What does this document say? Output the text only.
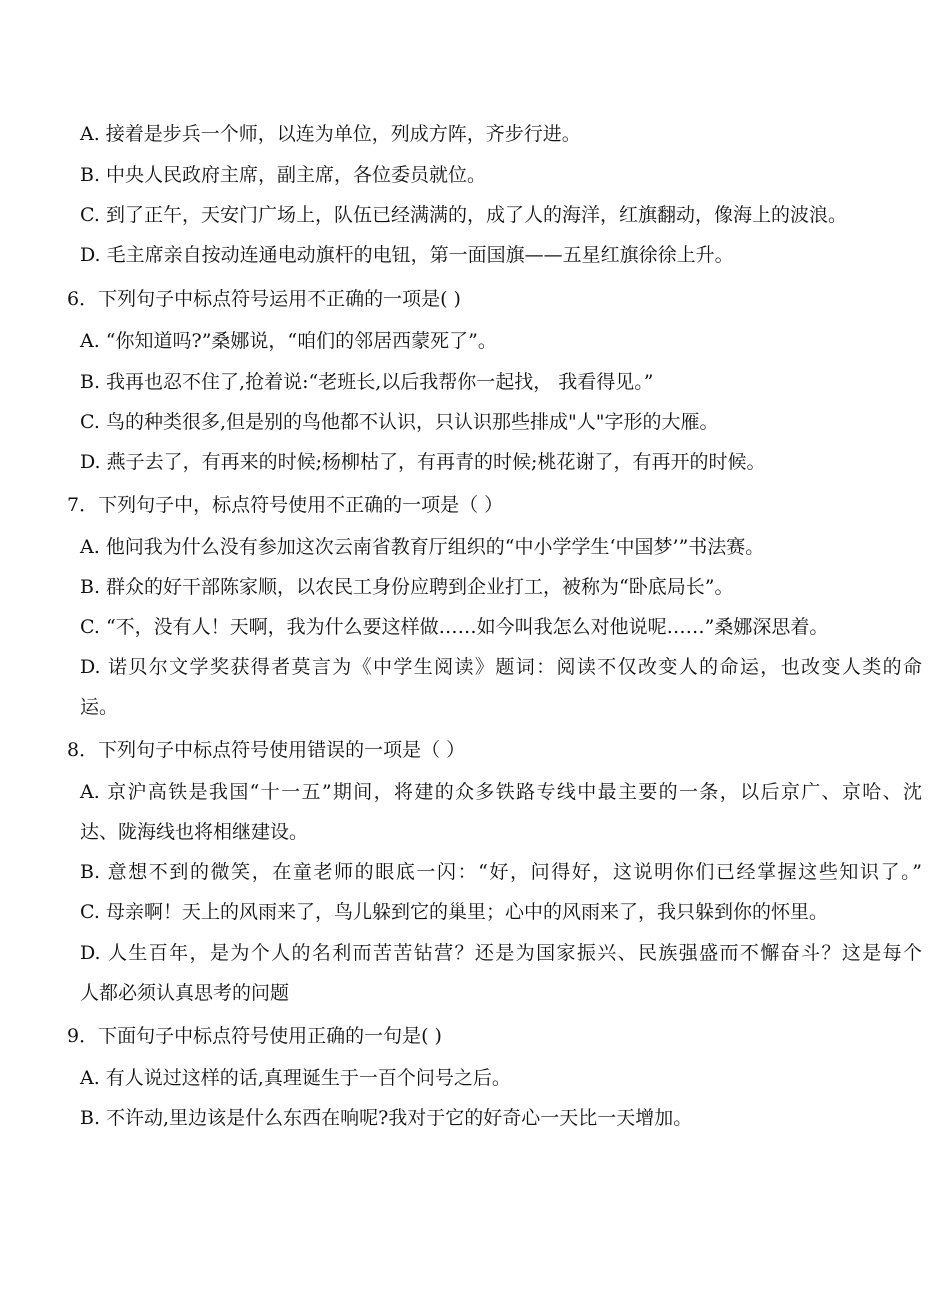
A. 接着是步兵一个师，以连为单位，列成方阵，齐步行进。
B. 中央人民政府主席，副主席，各位委员就位。
C. 到了正午，天安门广场上，队伍已经满满的，成了人的海洋，红旗翻动，像海上的波浪。
D. 毛主席亲自按动连通电动旗杆的电钮，第一面国旗——五星红旗徐徐上升。
6．下列句子中标点符号运用不正确的一项是( )
A. “你知道吗?”桑娜说，“咱们的邻居西蒙死了”。
B. 我再也忍不住了,抢着说:“老班长,以后我帮你一起找， 我看得见。”
C. 鸟的种类很多,但是别的鸟他都不认识，只认识那些排成"人"字形的大雁。
D. 燕子去了，有再来的时候;杨柳枯了，有再青的时候;桃花谢了，有再开的时候。
7．下列句子中，标点符号使用不正确的一项是（ ）
A. 他问我为什么没有参加这次云南省教育厅组织的“中小学学生‘中国梦’”书法赛。
B. 群众的好干部陈家顺，以农民工身份应聘到企业打工，被称为“卧底局长”。
C. “不，没有人！天啊，我为什么要这样做……如今叫我怎么对他说呢……”桑娜深思着。
D. 诺贝尔文学奖获得者莫言为《中学生阅读》题词：阅读不仅改变人的命运，也改变人类的命
运。
8．下列句子中标点符号使用错误的一项是（ ）
A. 京沪高铁是我国“十一五”期间，将建的众多铁路专线中最主要的一条，以后京广、京哈、沈
达、陇海线也将相继建设。
B. 意想不到的微笑，在童老师的眼底一闪：“好，问得好，这说明你们已经掌握这些知识了。”
C. 母亲啊！天上的风雨来了，鸟儿躲到它的巢里；心中的风雨来了，我只躲到你的怀里。
D. 人生百年，是为个人的名利而苦苦钻营？还是为国家振兴、民族强盛而不懈奋斗？这是每个
人都必须认真思考的问题
9．下面句子中标点符号使用正确的一句是( )
A. 有人说过这样的话,真理诞生于一百个问号之后。
B. 不许动,里边该是什么东西在响呢?我对于它的好奇心一天比一天增加。
